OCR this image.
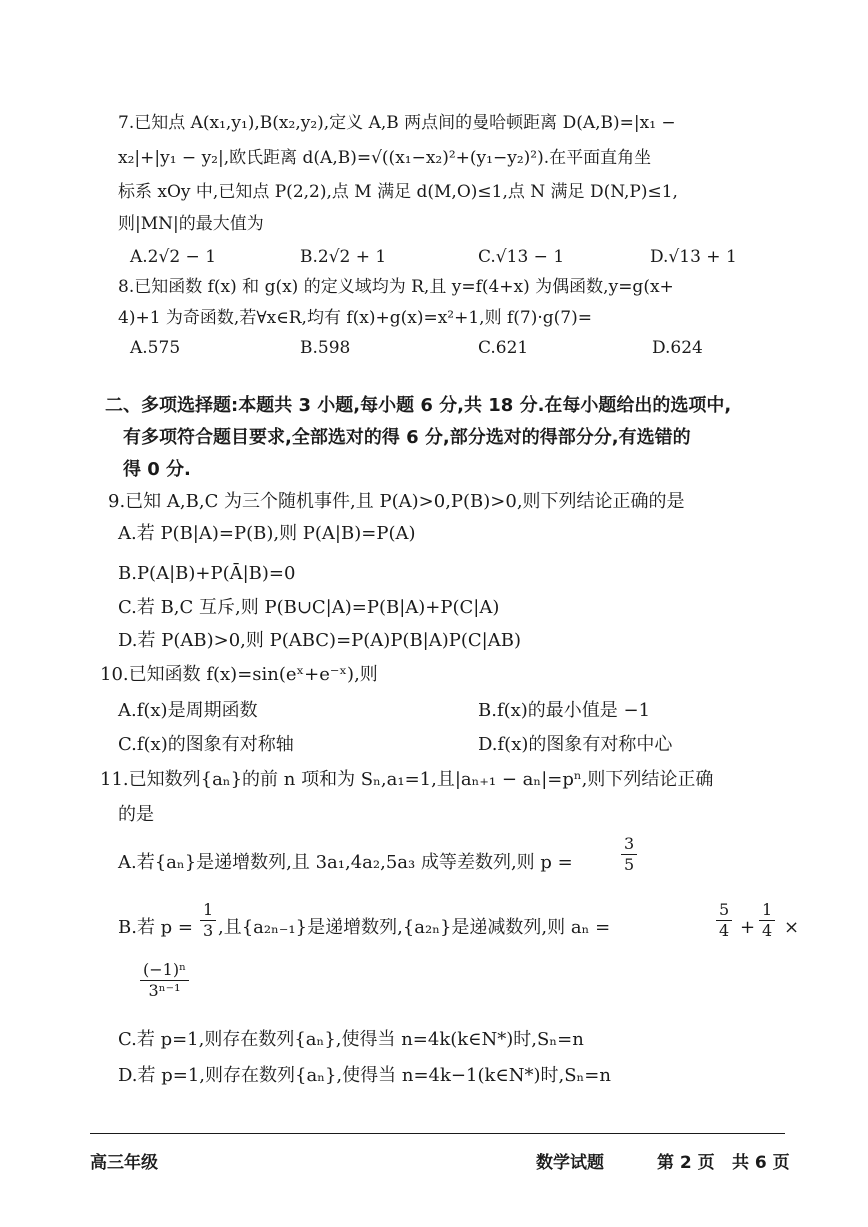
7.已知点 A(x₁,y₁),B(x₂,y₂),定义 A,B 两点间的曼哈顿距离 D(A,B)=|x₁ −
x₂|+|y₁ − y₂|,欧氏距离 d(A,B)=√((x₁−x₂)²+(y₁−y₂)²).在平面直角坐
标系 xOy 中,已知点 P(2,2),点 M 满足 d(M,O)≤1,点 N 满足 D(N,P)≤1,
则|MN|的最大值为
A.2√2 − 1	B.2√2 + 1	C.√13 − 1	D.√13 + 1
8.已知函数 f(x) 和 g(x) 的定义域均为 R,且 y=f(4+x) 为偶函数,y=g(x+
4)+1 为奇函数,若∀x∈R,均有 f(x)+g(x)=x²+1,则 f(7)·g(7)=
A.575	B.598	C.621	D.624
二、多项选择题:本题共 3 小题,每小题 6 分,共 18 分.在每小题给出的选项中,
有多项符合题目要求,全部选对的得 6 分,部分选对的得部分分,有选错的
得 0 分.
9.已知 A,B,C 为三个随机事件,且 P(A)>0,P(B)>0,则下列结论正确的是
A.若 P(B|A)=P(B),则 P(A|B)=P(A)
B.P(A|B)+P(Ā|B)=0
C.若 B,C 互斥,则 P(B∪C|A)=P(B|A)+P(C|A)
D.若 P(AB)>0,则 P(ABC)=P(A)P(B|A)P(C|AB)
10.已知函数 f(x)=sin(eˣ+e⁻ˣ),则
A.f(x)是周期函数	B.f(x)的最小值是 −1
C.f(x)的图象有对称轴	D.f(x)的图象有对称中心
11.已知数列{aₙ}的前 n 项和为 Sₙ,a₁=1,且|aₙ₊₁ − aₙ|=pⁿ,则下列结论正确
的是
A.若{aₙ}是递增数列,且 3a₁,4a₂,5a₃ 成等差数列,则 p =	$\frac{3}{5}$
B.若 $p = \frac{1}{3}$ ,且{a₂ₙ₋₁}是递增数列,{a₂ₙ}是递减数列,则 aₙ =	$\frac{5}{4} + \frac{1}{4}$ ×
$\frac{\text{(−1)ⁿ}}{\text{3ⁿ⁻¹}}$
C.若 p=1,则存在数列{aₙ},使得当 n=4k(k∈N*)时,Sₙ=n
D.若 p=1,则存在数列{aₙ},使得当 n=4k−1(k∈N*)时,Sₙ=n
高三年级	数学试题	第 2 页 共 6 页
